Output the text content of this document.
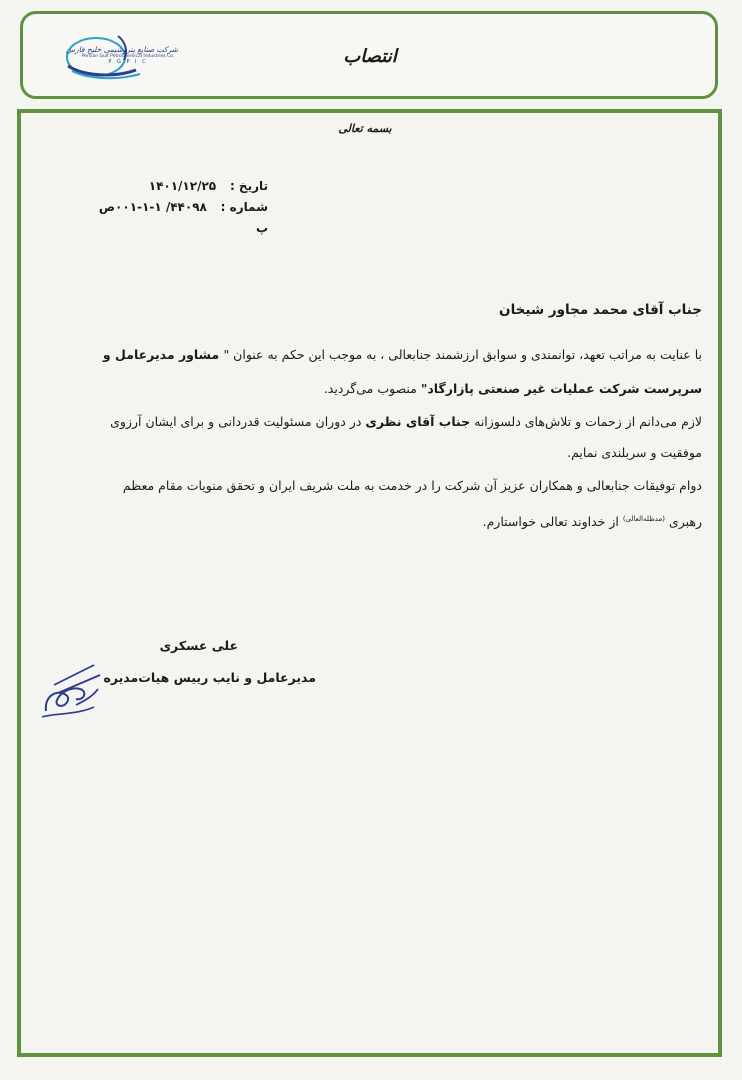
شرکت صنایع پتروشیمی خلیج فارس
Persian Gulf Petrochemical Industries Co.
P G P I C	انتصاب
بسمه تعالی
تاریخ : ۱۴۰۱/۱۲/۲۵
شماره : ۴۴۰۹۸/ ۱-۱-۰۰۱ص پ
جناب آقای محمد مجاور شیخان
با عنایت به مراتب تعهد، توانمندی و سوابق ارزشمند جنابعالی ، به موجب این حکم به عنوان " مشاور مدیرعامل و
سرپرست شرکت عملیات غیر صنعتی پازارگاد" منصوب می‌گردید.
لازم می‌دانم از زحمات و تلاش‌های دلسوزانه جناب آقای نظری در دوران مسئولیت قدردانی و برای ایشان آرزوی
موفقیت و سربلندی نمایم.
دوام توفیقات جنابعالی و همکاران عزیز آن شرکت را در خدمت به ملت شریف ایران و تحقق منویات مقام معظم
رهبری $^{(مدظله‌العالی)}$ از خداوند تعالی خواستارم.
علی عسکری
مدیرعامل و نایب رییس هیات‌مدیره
